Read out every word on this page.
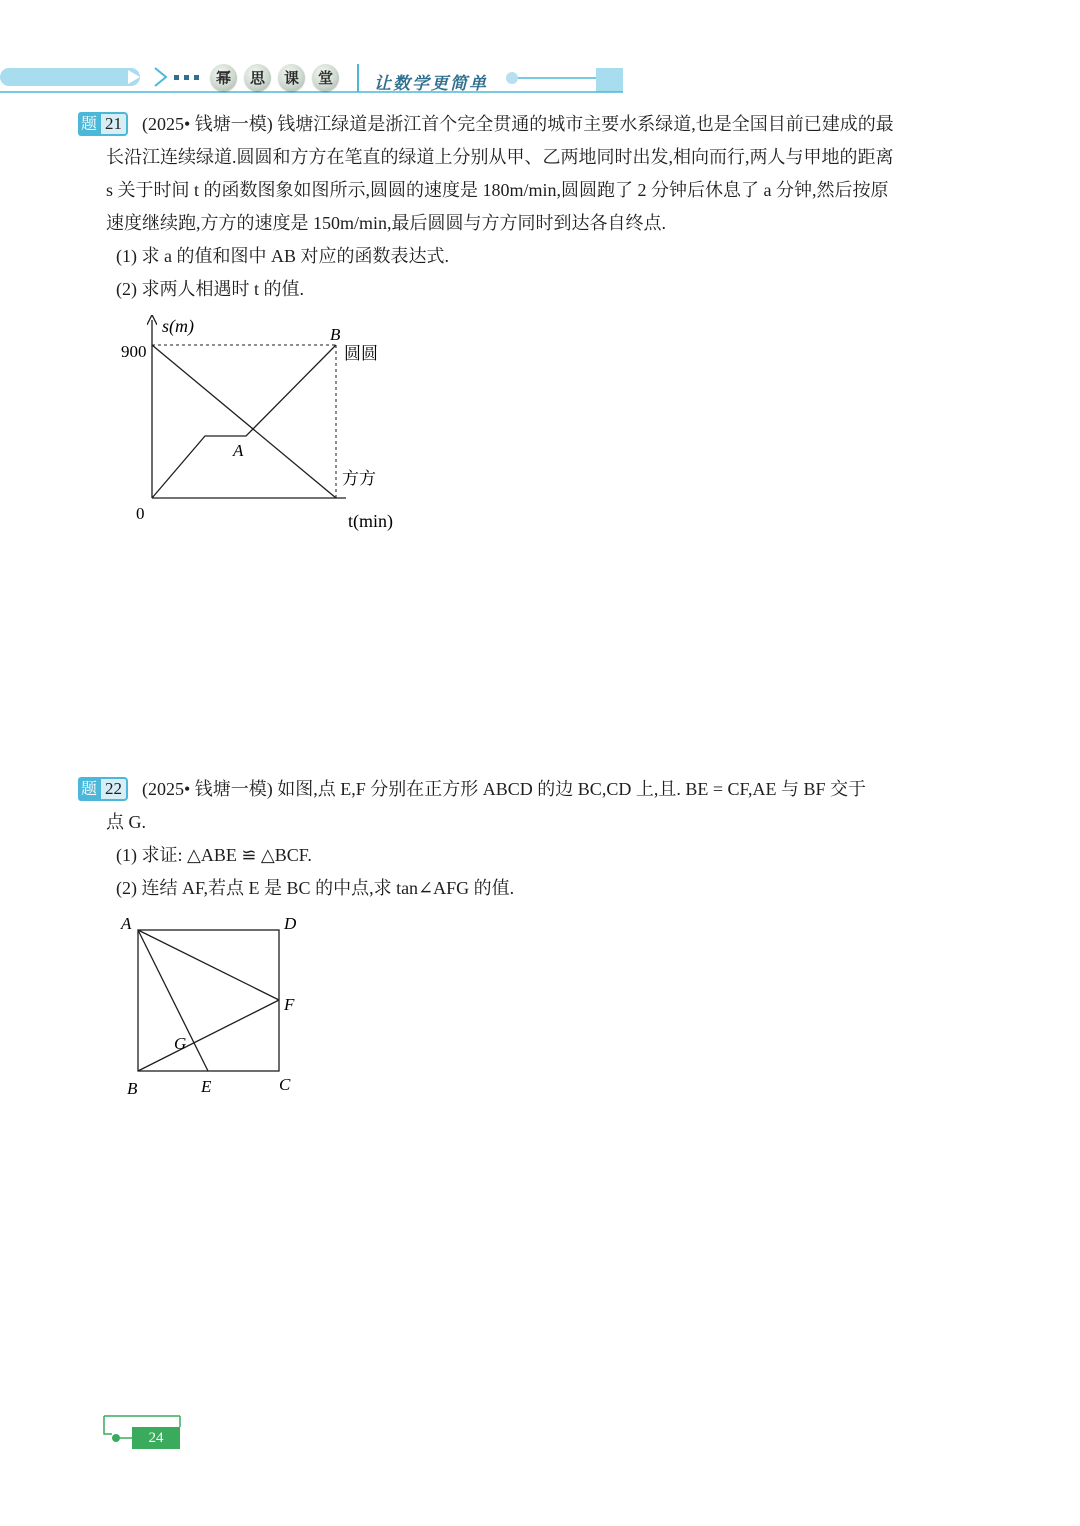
幂	思	课	堂	让数学更简单
题 21	(2025• 钱塘一模) 钱塘江绿道是浙江首个完全贯通的城市主要水系绿道,也是全国目前已建成的最

长沿江连续绿道.圆圆和方方在笔直的绿道上分别从甲、乙两地同时出发,相向而行,两人与甲地的距离

s 关于时间 t 的函数图象如图所示,圆圆的速度是 180m/min,圆圆跑了 2 分钟后休息了 a 分钟,然后按原

速度继续跑,方方的速度是 150m/min,最后圆圆与方方同时到达各自终点.

(1) 求 a 的值和图中 AB 对应的函数表达式.

(2) 求两人相遇时 t 的值.

s(m)
900
0	t(min)
B
A
圆圆
方方
题 22	(2025• 钱塘一模) 如图,点 E,F 分别在正方形 ABCD 的边 BC,CD 上,且. BE = CF,AE 与 BF 交于

点 G.

(1) 求证: △ABE ≌ △BCF.

(2) 连结 AF,若点 E 是 BC 的中点,求 tan∠AFG 的值.

A	D
F
G
B	E	C
24
